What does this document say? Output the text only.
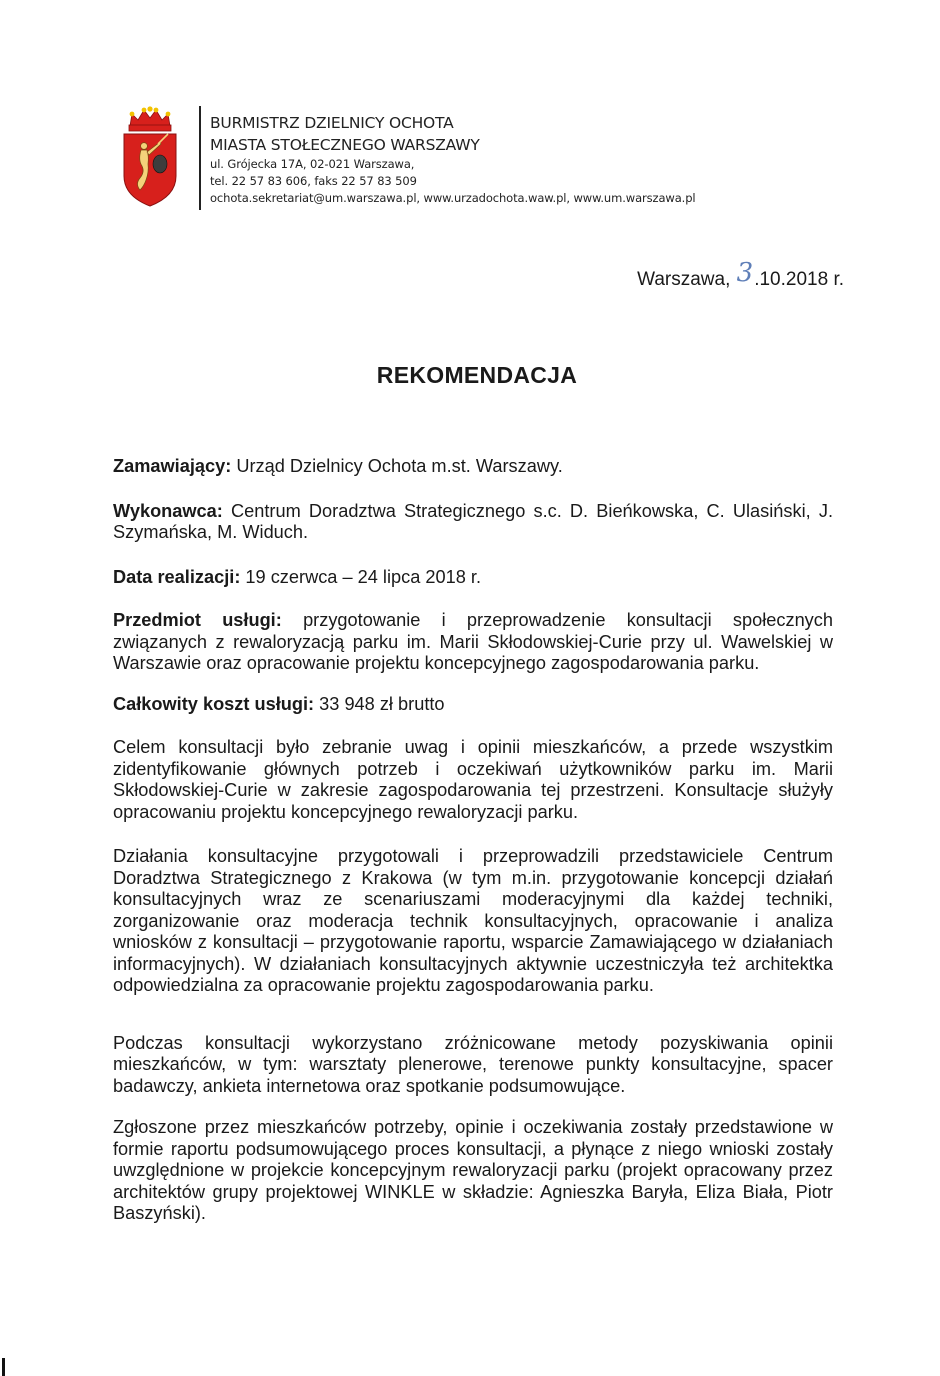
BURMISTRZ DZIELNICY OCHOTA
MIASTA STOŁECZNEGO WARSZAWY
ul. Grójecka 17A, 02-021 Warszawa,
tel. 22 57 83 606, faks 22 57 83 509
ochota.sekretariat@um.warszawa.pl, www.urzadochota.waw.pl, www.um.warszawa.pl
Warszawa, 3.10.2018 r.
REKOMENDACJA

Zamawiający: Urząd Dzielnicy Ochota m.st. Warszawy.

Wykonawca: Centrum Doradztwa Strategicznego s.c. D. Bieńkowska, C. Ulasiński, J. Szymańska, M. Widuch.

Data realizacji: 19 czerwca – 24 lipca 2018 r.

Przedmiot usługi: przygotowanie i przeprowadzenie konsultacji społecznych związanych z rewaloryzacją parku im. Marii Skłodowskiej-Curie przy ul. Wawelskiej w Warszawie oraz opracowanie projektu koncepcyjnego zagospodarowania parku.

Całkowity koszt usługi: 33 948 zł brutto

Celem konsultacji było zebranie uwag i opinii mieszkańców, a przede wszystkim zidentyfikowanie głównych potrzeb i oczekiwań użytkowników parku im. Marii Skłodowskiej-Curie w zakresie zagospodarowania tej przestrzeni. Konsultacje służyły opracowaniu projektu koncepcyjnego rewaloryzacji parku.

Działania konsultacyjne przygotowali i przeprowadzili przedstawiciele Centrum Doradztwa Strategicznego z Krakowa (w tym m.in. przygotowanie koncepcji działań konsultacyjnych wraz ze scenariuszami moderacyjnymi dla każdej techniki, zorganizowanie oraz moderacja technik konsultacyjnych, opracowanie i analiza wniosków z konsultacji – przygotowanie raportu, wsparcie Zamawiającego w działaniach informacyjnych). W działaniach konsultacyjnych aktywnie uczestniczyła też architektka odpowiedzialna za opracowanie projektu zagospodarowania parku.

Podczas konsultacji wykorzystano zróżnicowane metody pozyskiwania opinii mieszkańców, w tym: warsztaty plenerowe, terenowe punkty konsultacyjne, spacer badawczy, ankieta internetowa oraz spotkanie podsumowujące.

Zgłoszone przez mieszkańców potrzeby, opinie i oczekiwania zostały przedstawione w formie raportu podsumowującego proces konsultacji, a płynące z niego wnioski zostały uwzględnione w projekcie koncepcyjnym rewaloryzacji parku (projekt opracowany przez architektów grupy projektowej WINKLE w składzie: Agnieszka Baryła, Eliza Biała, Piotr Baszyński).
